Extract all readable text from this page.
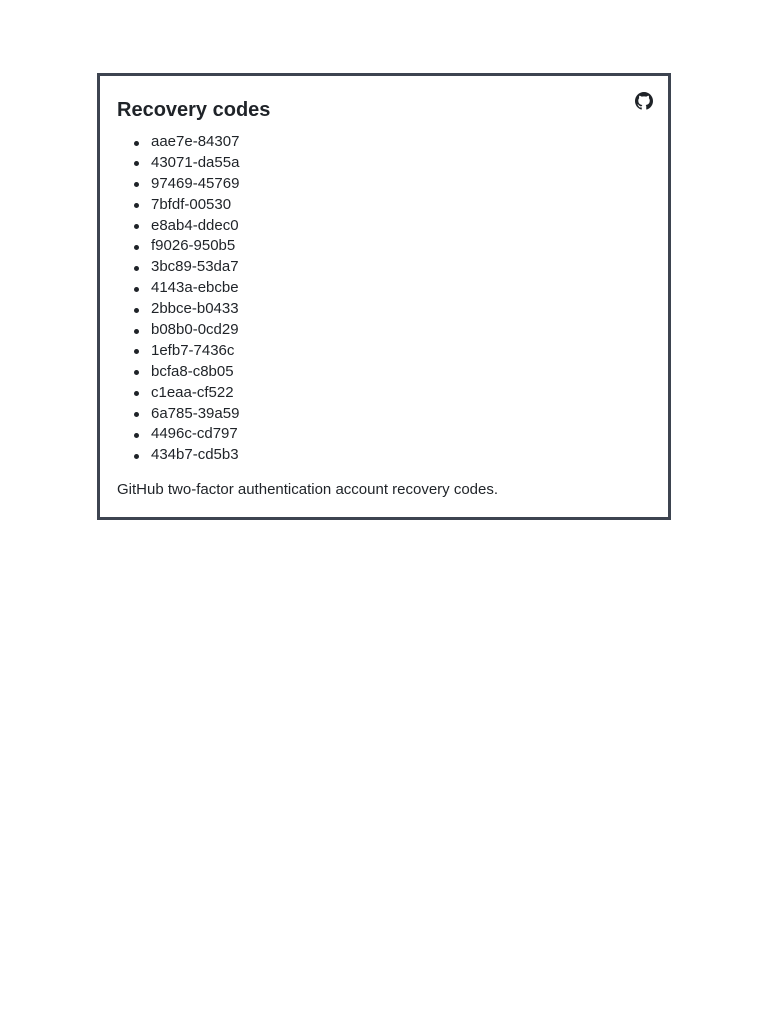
Recovery codes
aae7e-84307
43071-da55a
97469-45769
7bfdf-00530
e8ab4-ddec0
f9026-950b5
3bc89-53da7
4143a-ebcbe
2bbce-b0433
b08b0-0cd29
1efb7-7436c
bcfa8-c8b05
c1eaa-cf522
6a785-39a59
4496c-cd797
434b7-cd5b3

GitHub two-factor authentication account recovery codes.
